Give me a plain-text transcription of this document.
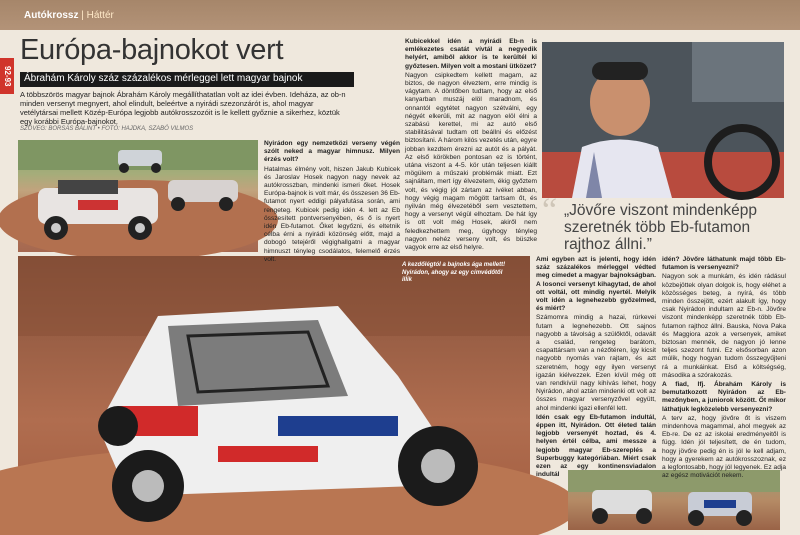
Autókrossz | Háttér
92-93
Európa-bajnokot vert
Ábrahám Károly száz százalékos mérleggel lett magyar bajnok
A többszörös magyar bajnok Ábrahám Károly megállíthatatlan volt az idei évben. Ideháza, az ob-n minden versenyt megnyert, ahol elindult, beleértve a nyirádi szezonzárót is, ahol magyar vetélytársai mellett Közép-Európa legjobb autókrosszozóit is le kellett győznie a sikerhez, köztük egy korábbi Európa-bajnokot.
SZÖVEG: BORSÁS BÁLINT • FOTÓ: HAJDKA, SZABÓ VILMOS
A kezdőlégtól a bajnoks ága mellett! Nyirádon, ahogy az egy címvédőtől illik
“ „Jövőre viszont mindenképp szeretnék több Eb-futamon rajthoz állni.”

Nyirádon egy nemzetközi verseny végén szólt neked a magyar himnusz. Milyen érzés volt?

Hatalmas élmény volt, hiszen Jakub Kubicek és Jaroslav Hosek nagyon nagy nevek az autókrosszban, mindenki ismeri őket. Hosek Európa-bajnok is volt már, és összesen 36 Eb-futamot nyert eddigi pályafutása során, ami rengeteg. Kubicek pedig idén 4. lett az Eb összesített pontversenyében, és ő is nyert idén Eb-futamot. Őket legyőzni, és eltetnik célba érni a nyirádi közönség előtt, majd a dobogó tetejéről végighallgatni a magyar himnuszt tényleg csodálatos, felemelő érzés volt.

Kubicekkel idén a nyirádi Eb-n is emlékezetes csatát vívtál a negyedik helyért, amiből akkor is te kerültél ki győztesen. Milyen volt a mostani ütközet?

Nagyon csipkedtem kellett magam, az biztos, de nagyon élveztem, erre mindig is vágytam. A döntőben tudtam, hogy az első kanyarban muszáj elöl maradnom, és onnantól egytétet nagyon szétválni, egy négyét elkerüli, mit az nagyon elöl élni a szabású kerettel, mi az autó első stabilitásával tudtam ott beállni és előzést biztosítani. A három kilós vezetés után, egyre jobban kezdtem érezni az autót és a pályát. Az első körökben pontosan ez is történt, utána viszont a 4-5. kör után teljesen kiállt mögülem a műszaki problémák miatt. Ezt sajnáltam, mert így élvezetem, ékig győztem volt, és végig jól zártam az ívéket abban, hogy végig magam mögött tartsam őt, és nyilván még élvezetéből sem vesztettem, hogy a versenyt végül elhoztam. De hát így is ott volt még Hosek, akiről nem feledkezhettem meg, úgyhogy tényleg nagyon nehéz verseny volt, és büszke vagyok erre az első helyre.

Ami egyben azt is jelenti, hogy idén száz százalékos mérleggel védted meg címedet a magyar bajnokságban. A losonci versenyt kihagytad, de ahol ott voltál, ott mindig nyertél. Melyik volt idén a legnehezebb győzelmed, és miért?

Számomra mindig a hazai, rúrkevei futam a legnehezebb. Ott sajnos nagyobb a távolság a szülőktől, odavált a család, rengeteg barátom, csapattársam van a nézőtéren, így kicsit nagyobb nyomás van rajtam, és azt szeretném, hogy egy ilyen versenyt igazán kiélvezzek. Ezen kívül még ott van rendkívül nagy kihívás lehet, hogy Nyirádon, ahol aztán mindenki ott volt az összes magyar versenyzővel együtt, ahol mindenki igazi ellenfél lett.

Idén csak egy Eb-futamon indultál, éppen itt, Nyirádon. Ott életed talán legjobb versenyét hoztad, és 4. helyen értél célba, ami messze a legjobb magyar Eb-szereplés a Superbuggy kategóriában. Miért csak ezen az egy kontinensviadalon indultál

idén? Jövőre láthatunk majd több Eb-futamon is versenyezni?

Nagyon sok a munkám, és idén rádásul közbejöttek olyan dolgok is, hogy eléhet a közösséges beteg, a nyírá, és több minden összejött, ezért alakult így, hogy csak Nyirádon indultam az Eb-n. Jövőre viszont mindenképp szeretnék több Eb-futamon rajthoz állni. Bauska, Nova Paka és Maggiora azok a versenyek, amiket biztosan mennék, de nagyon jó lenne teljes szezont futni. Ez elsősorban azon múlik, hogy hogyan tudom összegyűjteni rá a munkáinkat. Első a költségség, másodika a szórakozás.

A fiad, Ifj. Ábrahám Károly is bemutatkozott Nyirádon az Eb-mezőnyben, a juniorok között. Őt mikor láthatjuk legközelebb versenyezni?

A terv az, hogy jövőre őt is viszem mindenhova magammal, ahol megyek az Eb-re. De ez az iskolai eredményeitől is függ. Idén jól teljesített, de én tudom, hogy jövőre pedig én is jól le kell adjam, hogy a gyerekem az autókrosszoznak, ez a legfontosabb, hogy jól legyenek. Ez adja az egész motivációt nekem.
